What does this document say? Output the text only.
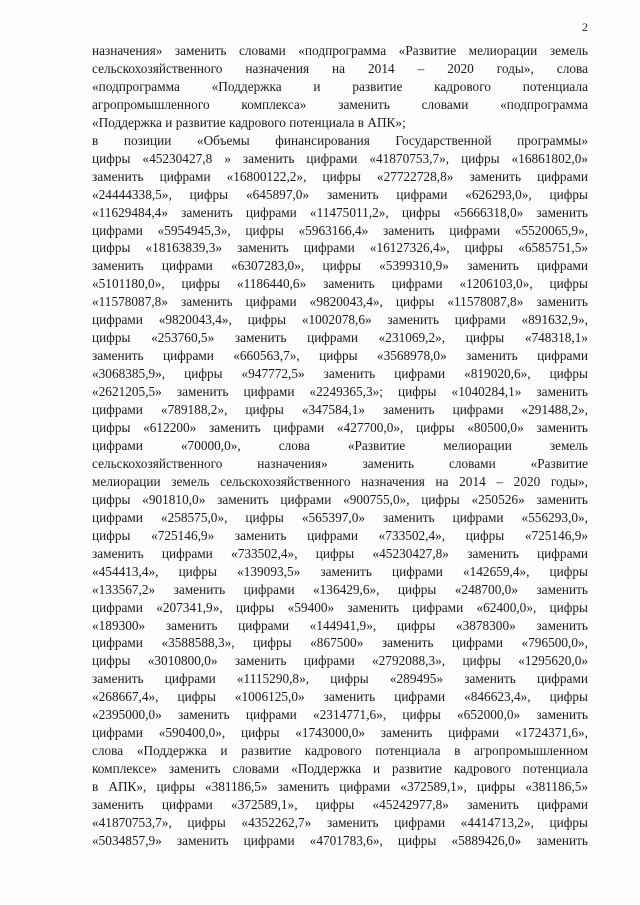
2
назначения» заменить словами «подпрограмма «Развитие мелиорации земель
сельскохозяйственного назначения на 2014 – 2020 годы», слова
«подпрограмма «Поддержка и развитие кадрового потенциала
агропромышленного комплекса» заменить словами «подпрограмма
«Поддержка и развитие кадрового потенциала в АПК»;
в позиции «Объемы финансирования Государственной программы»
цифры «45230427,8 » заменить цифрами «41870753,7», цифры «16861802,0»
заменить цифрами «16800122,2», цифры «27722728,8» заменить цифрами
«24444338,5», цифры «645897,0» заменить цифрами «626293,0», цифры
«11629484,4» заменить цифрами «11475011,2», цифры «5666318,0» заменить
цифрами «5954945,3», цифры «5963166,4» заменить цифрами «5520065,9»,
цифры «18163839,3» заменить цифрами «16127326,4», цифры «6585751,5»
заменить цифрами «6307283,0», цифры «5399310,9» заменить цифрами
«5101180,0», цифры «1186440,6» заменить цифрами «1206103,0», цифры
«11578087,8» заменить цифрами «9820043,4», цифры «11578087,8» заменить
цифрами «9820043,4», цифры «1002078,6» заменить цифрами «891632,9»,
цифры «253760,5» заменить цифрами «231069,2», цифры «748318,1»
заменить цифрами «660563,7», цифры «3568978,0» заменить цифрами
«3068385,9», цифры «947772,5» заменить цифрами «819020,6», цифры
«2621205,5» заменить цифрами «2249365,3»; цифры «1040284,1» заменить
цифрами «789188,2», цифры «347584,1» заменить цифрами «291488,2»,
цифры «612200» заменить цифрами «427700,0», цифры «80500,0» заменить
цифрами «70000,0», слова «Развитие мелиорации земель
сельскохозяйственного назначения» заменить словами «Развитие
мелиорации земель сельскохозяйственного назначения на 2014 – 2020 годы»,
цифры «901810,0» заменить цифрами «900755,0», цифры «250526» заменить
цифрами «258575,0», цифры «565397,0» заменить цифрами «556293,0»,
цифры «725146,9» заменить цифрами «733502,4», цифры «725146,9»
заменить цифрами «733502,4», цифры «45230427,8» заменить цифрами
«454413,4», цифры «139093,5» заменить цифрами «142659,4», цифры
«133567,2» заменить цифрами «136429,6», цифры «248700,0» заменить
цифрами «207341,9», цифры «59400» заменить цифрами «62400,0», цифры
«189300» заменить цифрами «144941,9», цифры «3878300» заменить
цифрами «3588588,3», цифры «867500» заменить цифрами «796500,0»,
цифры «3010800,0» заменить цифрами «2792088,3», цифры «1295620,0»
заменить цифрами «1115290,8», цифры «289495» заменить цифрами
«268667,4», цифры «1006125,0» заменить цифрами «846623,4», цифры
«2395000,0» заменить цифрами «2314771,6», цифры «652000,0» заменить
цифрами «590400,0», цифры «1743000,0» заменить цифрами «1724371,6»,
слова «Поддержка и развитие кадрового потенциала в агропромышленном
комплексе» заменить словами «Поддержка и развитие кадрового потенциала
в АПК», цифры «381186,5» заменить цифрами «372589,1», цифры «381186,5»
заменить цифрами «372589,1», цифры «45242977,8» заменить цифрами
«41870753,7», цифры «4352262,7» заменить цифрами «4414713,2», цифры
«5034857,9» заменить цифрами «4701783,6», цифры «5889426,0» заменить
